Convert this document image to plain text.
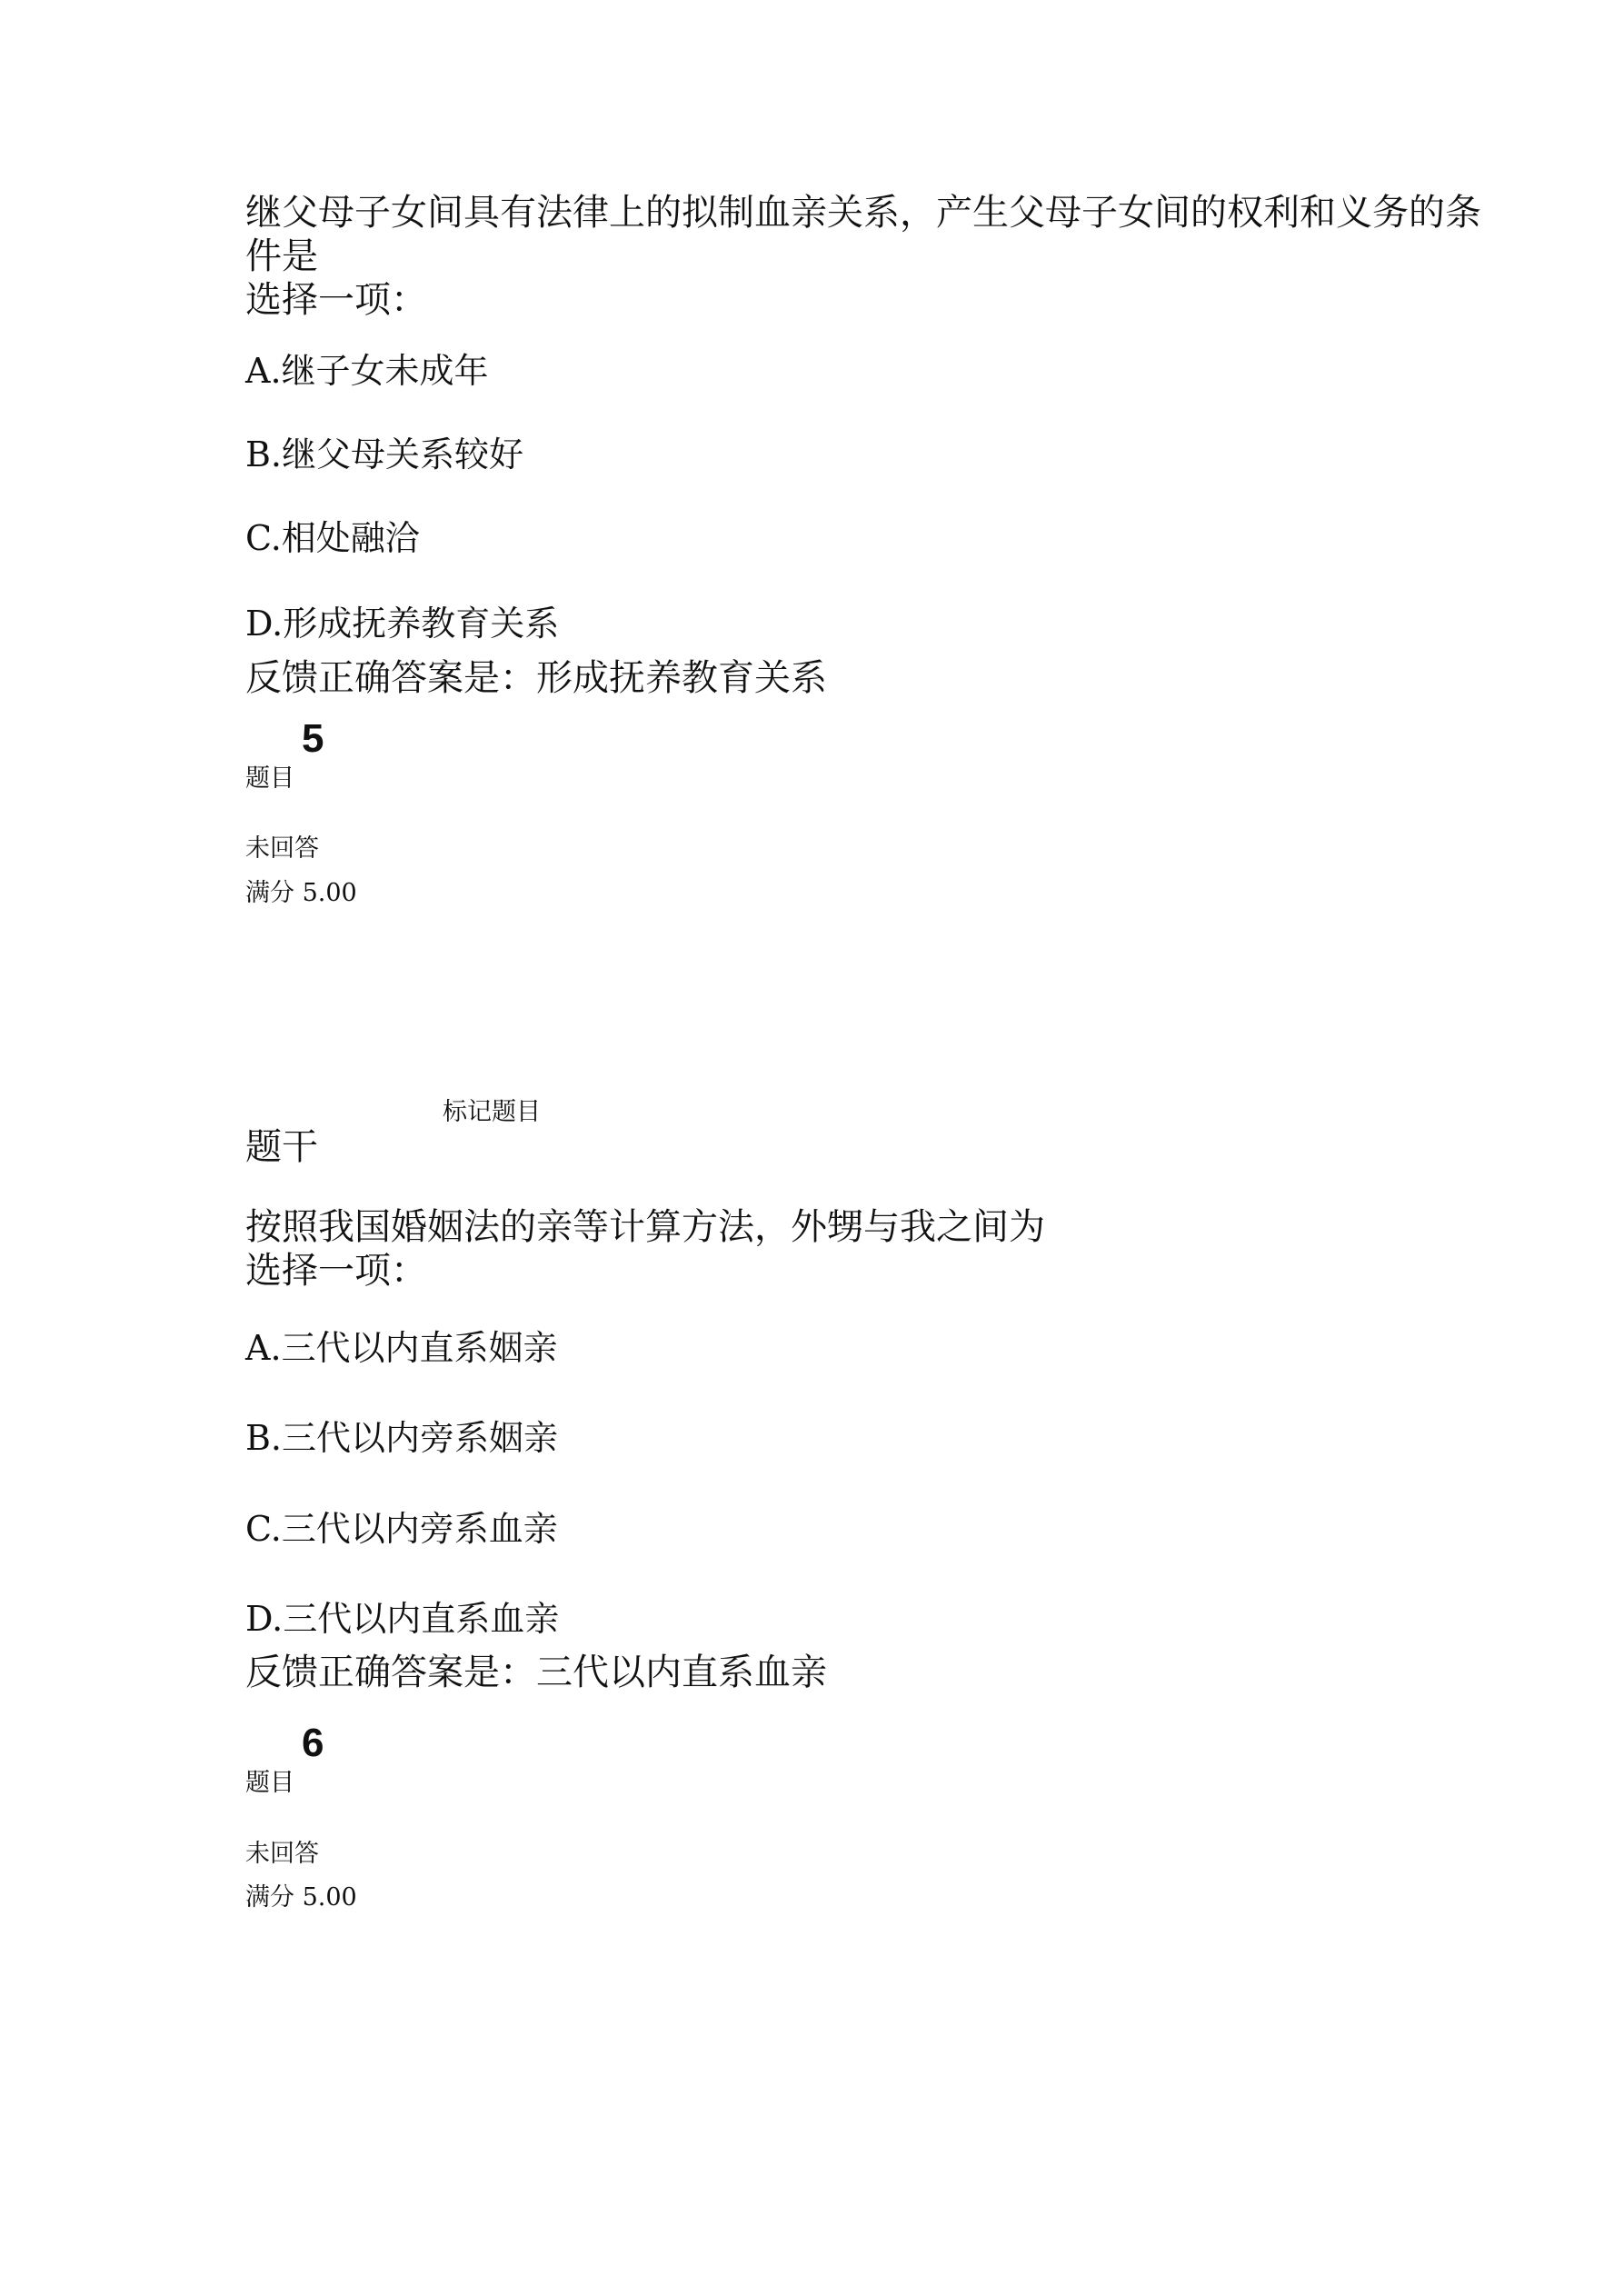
继父母子女间具有法律上的拟制血亲关系，产生父母子女间的权利和义务的条
件是
选择一项：
A.继子女未成年
B.继父母关系较好
C.相处融洽
D.形成抚养教育关系
反馈正确答案是：形成抚养教育关系
5
题目
未回答
满分 5.00
标记题目
题干
按照我国婚姻法的亲等计算方法，外甥与我之间为
选择一项：
A.三代以内直系姻亲
B.三代以内旁系姻亲
C.三代以内旁系血亲
D.三代以内直系血亲
反馈正确答案是：三代以内直系血亲
6
题目
未回答
满分 5.00
